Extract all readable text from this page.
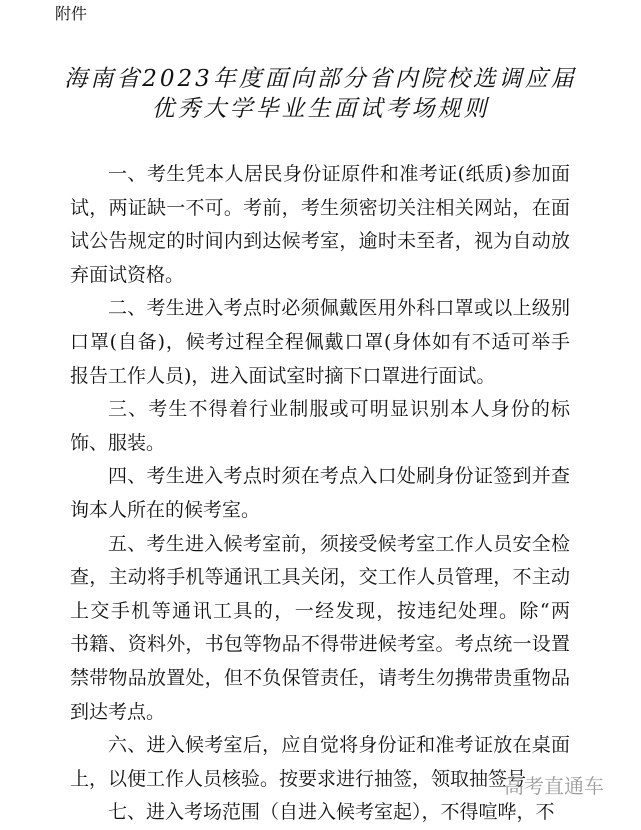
附件
海南省2023年度面向部分省内院校选调应届
优秀大学毕业生面试考场规则
一、考生凭本人居民身份证原件和准考证(纸质)参加面
试，两证缺一不可。考前，考生须密切关注相关网站，在面
试公告规定的时间内到达候考室，逾时未至者，视为自动放
弃面试资格。
二、考生进入考点时必须佩戴医用外科口罩或以上级别
口罩(自备)，候考过程全程佩戴口罩(身体如有不适可举手
报告工作人员)，进入面试室时摘下口罩进行面试。
三、考生不得着行业制服或可明显识别本人身份的标
饰、服装。
四、考生进入考点时须在考点入口处刷身份证签到并查
询本人所在的候考室。
五、考生进入候考室前，须接受候考室工作人员安全检
查，主动将手机等通讯工具关闭，交工作人员管理，不主动
上交手机等通讯工具的，一经发现，按违纪处理。除“两
书籍、资料外，书包等物品不得带进候考室。考点统一设置
禁带物品放置处，但不负保管责任，请考生勿携带贵重物品
到达考点。
六、进入候考室后，应自觉将身份证和准考证放在桌面
上，以便工作人员核验。按要求进行抽签，领取抽签号
七、进入考场范围（自进入候考室起），不得喧哗，不
高考直通车
